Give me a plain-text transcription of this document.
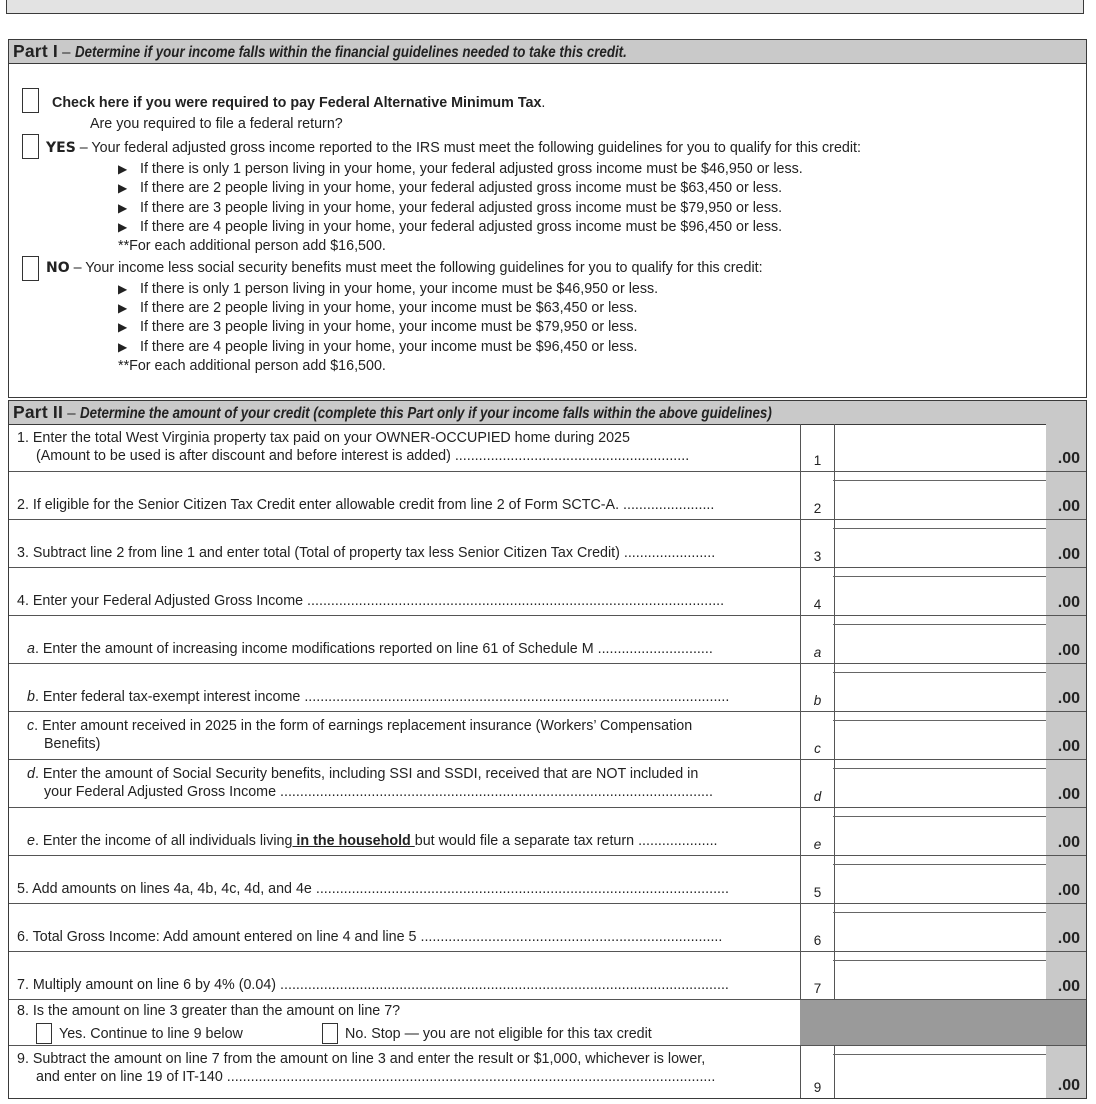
Part I – Determine if your income falls within the financial guidelines needed to take this credit.
Check here if you were required to pay Federal Alternative Minimum Tax.
Are you required to file a federal return?
YES – Your federal adjusted gross income reported to the IRS must meet the following guidelines for you to qualify for this credit:
▶ If there is only 1 person living in your home, your federal adjusted gross income must be $46,950 or less.
▶ If there are 2 people living in your home, your federal adjusted gross income must be $63,450 or less.
▶ If there are 3 people living in your home, your federal adjusted gross income must be $79,950 or less.
▶ If there are 4 people living in your home, your federal adjusted gross income must be $96,450 or less.
**For each additional person add $16,500.
NO – Your income less social security benefits must meet the following guidelines for you to qualify for this credit:
▶ If there is only 1 person living in your home, your income must be $46,950 or less.
▶ If there are 2 people living in your home, your income must be $63,450 or less.
▶ If there are 3 people living in your home, your income must be $79,950 or less.
▶ If there are 4 people living in your home, your income must be $96,450 or less.
**For each additional person add $16,500.
Part II – Determine the amount of your credit (complete this Part only if your income falls within the above guidelines)
1. Enter the total West Virginia property tax paid on your OWNER-OCCUPIED home during 2025
(Amount to be used is after discount and before interest is added) ...........................................................	1	.00
2. If eligible for the Senior Citizen Tax Credit enter allowable credit from line 2 of Form SCTC-A. .......................	2	.00
3. Subtract line 2 from line 1 and enter total (Total of property tax less Senior Citizen Tax Credit) .......................	3	.00
4. Enter your Federal Adjusted Gross Income .........................................................................................................	4	.00
a. Enter the amount of increasing income modifications reported on line 61 of Schedule M .............................	a	.00
b. Enter federal tax-exempt interest income ...........................................................................................................	b	.00
c. Enter amount received in 2025 in the form of earnings replacement insurance (Workers’ Compensation
Benefits)	c	.00
d. Enter the amount of Social Security benefits, including SSI and SSDI, received that are NOT included in
your Federal Adjusted Gross Income .............................................................................................................	d	.00
e. Enter the income of all individuals living in the household but would file a separate tax return ....................	e	.00
5. Add amounts on lines 4a, 4b, 4c, 4d, and 4e ........................................................................................................	5	.00
6. Total Gross Income: Add amount entered on line 4 and line 5 ............................................................................	6	.00
7. Multiply amount on line 6 by 4% (0.04) .................................................................................................................	7	.00
8. Is the amount on line 3 greater than the amount on line 7?
Yes. Continue to line 9 below	No. Stop — you are not eligible for this tax credit
9. Subtract the amount on line 7 from the amount on line 3 and enter the result or $1,000, whichever is lower,
and enter on line 19 of IT-140 ...........................................................................................................................
9	.00
